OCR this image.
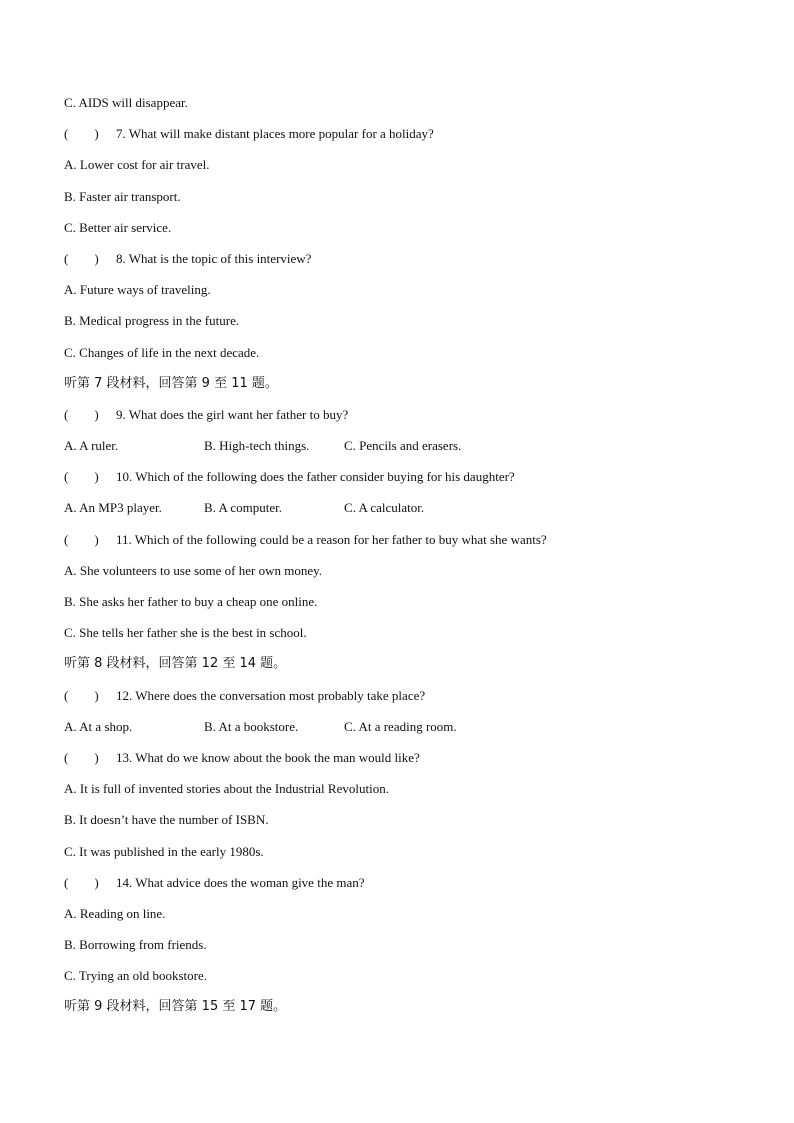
C. AIDS will disappear.
(　　) 7. What will make distant places more popular for a holiday?
A. Lower cost for air travel.
B. Faster air transport.
C. Better air service.
(　　) 8. What is the topic of this interview?
A. Future ways of traveling.
B. Medical progress in the future.
C. Changes of life in the next decade.
听第 7 段材料，回答第 9 至 11 题。
(　　) 9. What does the girl want her father to buy?
A. A ruler.	B. High-tech things.	C. Pencils and erasers.
(　　) 10. Which of the following does the father consider buying for his daughter?
A. An MP3 player.	B. A computer.	C. A calculator.
(　　) 11. Which of the following could be a reason for her father to buy what she wants?
A. She volunteers to use some of her own money.
B. She asks her father to buy a cheap one online.
C. She tells her father she is the best in school.
听第 8 段材料，回答第 12 至 14 题。
(　　) 12. Where does the conversation most probably take place?
A. At a shop.	B. At a bookstore.	C. At a reading room.
(　　) 13. What do we know about the book the man would like?
A. It is full of invented stories about the Industrial Revolution.
B. It doesn’t have the number of ISBN.
C. It was published in the early 1980s.
(　　) 14. What advice does the woman give the man?
A. Reading on line.
B. Borrowing from friends.
C. Trying an old bookstore.
听第 9 段材料，回答第 15 至 17 题。
